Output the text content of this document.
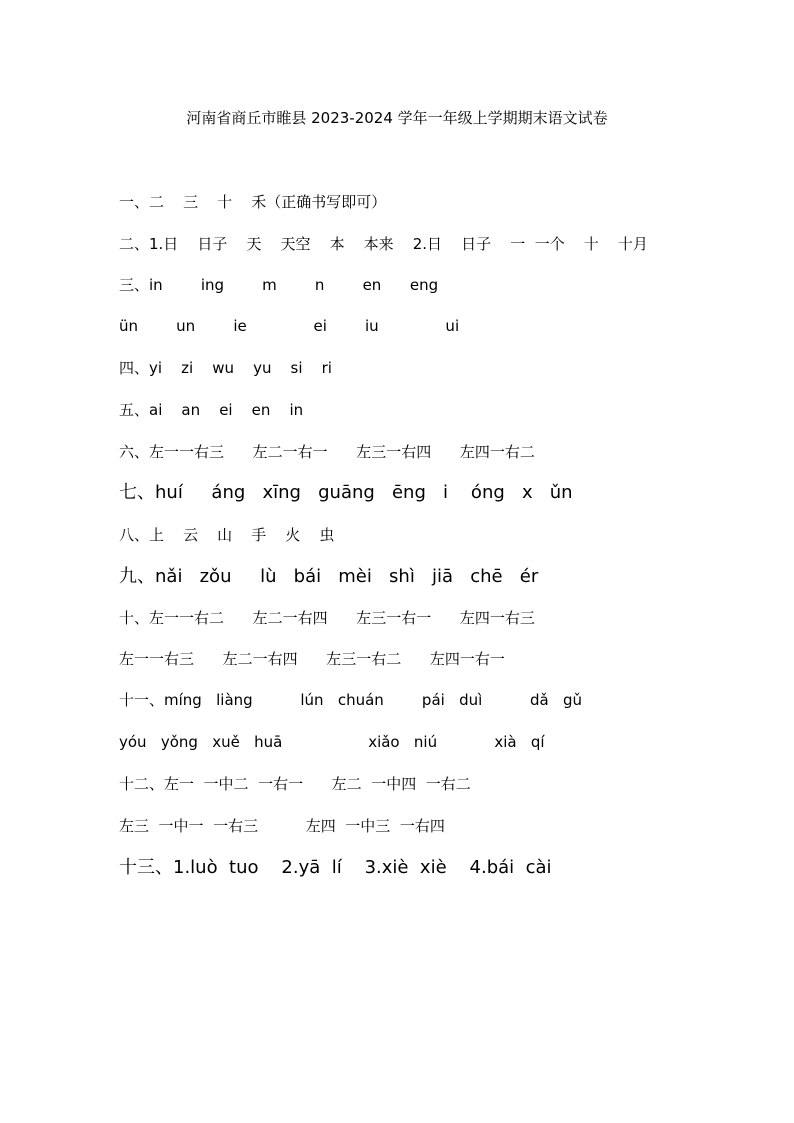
河南省商丘市睢县 2023-2024 学年一年级上学期期末语文试卷
一、二    三    十    禾（正确书写即可）
二、1.日    日子    天    天空    本    本来    2.日    日子    一  一个    十    十月
三、in        ing        m        n        en      eng
ün        un        ie              ei        iu              ui
四、yi    zi    wu    yu    si    ri
五、ai    an    ei    en    in
六、左一一右三      左二一右一      左三一右四      左四一右二
七、huí     áng   xīng   guāng   ēng   i    óng   x   ǔn
八、上    云    山    手    火    虫
九、nǎi   zǒu     lù   bái   mèi   shì   jiā   chē   ér
十、左一一右二      左二一右四      左三一右一      左四一右三
左一一右三      左二一右四      左三一右二      左四一右一
十一、míng   liàng          lún   chuán        pái   duì          dǎ   gǔ
yóu   yǒng   xuě   huā                  xiǎo   niú            xià   qí
十二、左一  一中二  一右一      左二  一中四  一右二
左三  一中一  一右三          左四  一中三  一右四
十三、1.luò  tuo    2.yā  lí    3.xiè  xiè    4.bái  cài
